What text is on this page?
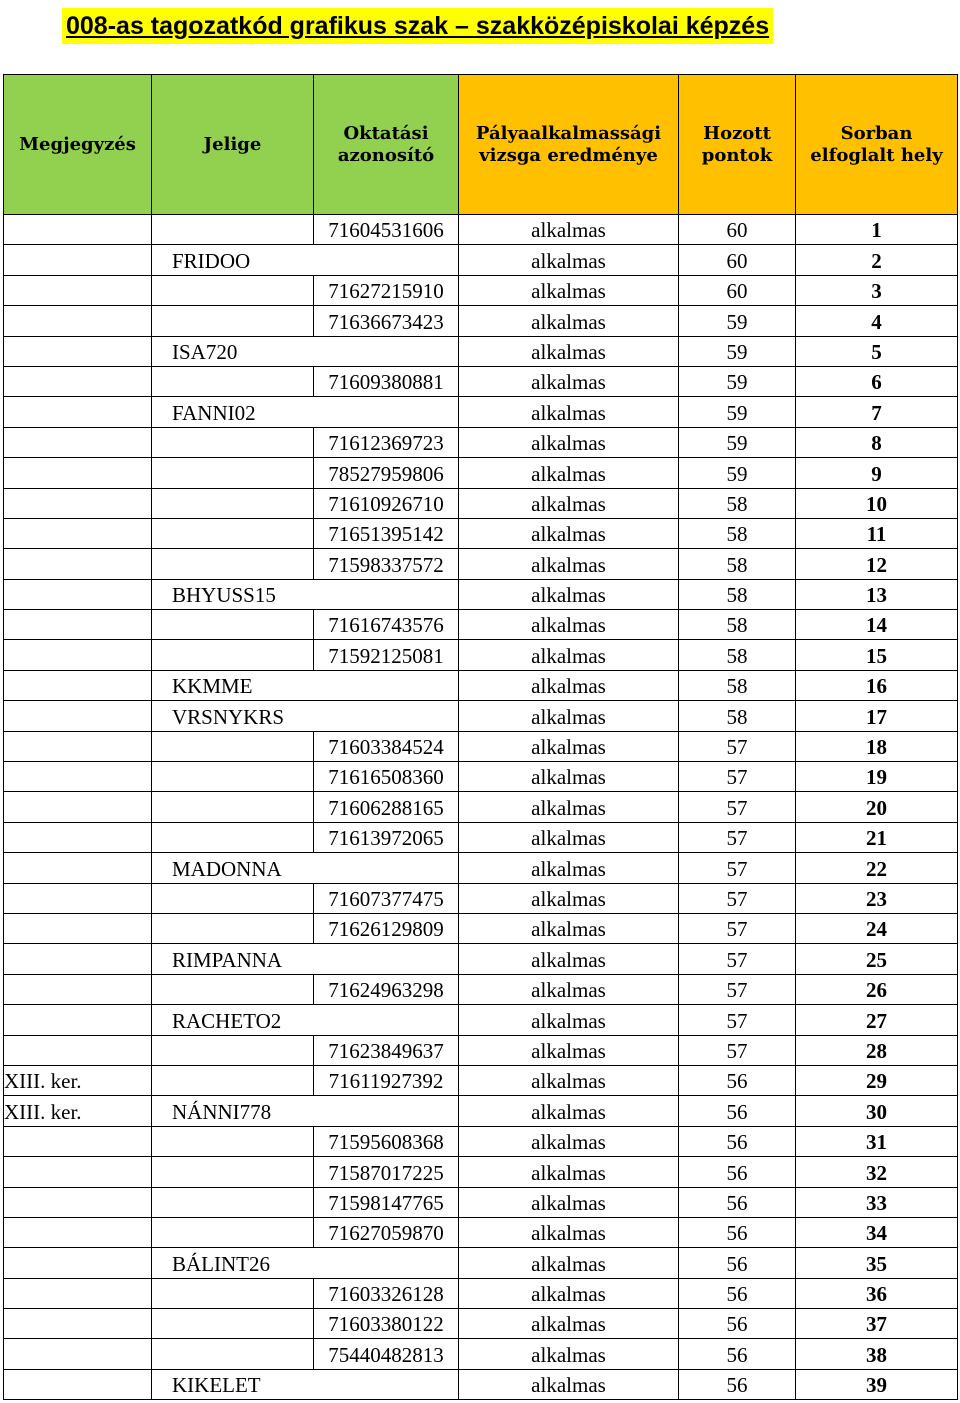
008-as tagozatkód grafikus szak – szakközépiskolai képzés
Megjegyzés	Jelige	Oktatási azonosító	Pályaalkalmassági vizsga eredménye	Hozott pontok	Sorban elfoglalt hely
		71604531606	alkalmas	60	1
	FRIDOO		alkalmas	60	2
		71627215910	alkalmas	60	3
		71636673423	alkalmas	59	4
	ISA720		alkalmas	59	5
		71609380881	alkalmas	59	6
	FANNI02		alkalmas	59	7
		71612369723	alkalmas	59	8
		78527959806	alkalmas	59	9
		71610926710	alkalmas	58	10
		71651395142	alkalmas	58	11
		71598337572	alkalmas	58	12
	BHYUSS15		alkalmas	58	13
		71616743576	alkalmas	58	14
		71592125081	alkalmas	58	15
	KKMME		alkalmas	58	16
	VRSNYKRS		alkalmas	58	17
		71603384524	alkalmas	57	18
		71616508360	alkalmas	57	19
		71606288165	alkalmas	57	20
		71613972065	alkalmas	57	21
	MADONNA		alkalmas	57	22
		71607377475	alkalmas	57	23
		71626129809	alkalmas	57	24
	RIMPANNA		alkalmas	57	25
		71624963298	alkalmas	57	26
	RACHETO2		alkalmas	57	27
		71623849637	alkalmas	57	28
XIII. ker.		71611927392	alkalmas	56	29
XIII. ker.	NÁNNI778		alkalmas	56	30
		71595608368	alkalmas	56	31
		71587017225	alkalmas	56	32
		71598147765	alkalmas	56	33
		71627059870	alkalmas	56	34
	BÁLINT26		alkalmas	56	35
		71603326128	alkalmas	56	36
		71603380122	alkalmas	56	37
		75440482813	alkalmas	56	38
	KIKELET		alkalmas	56	39
